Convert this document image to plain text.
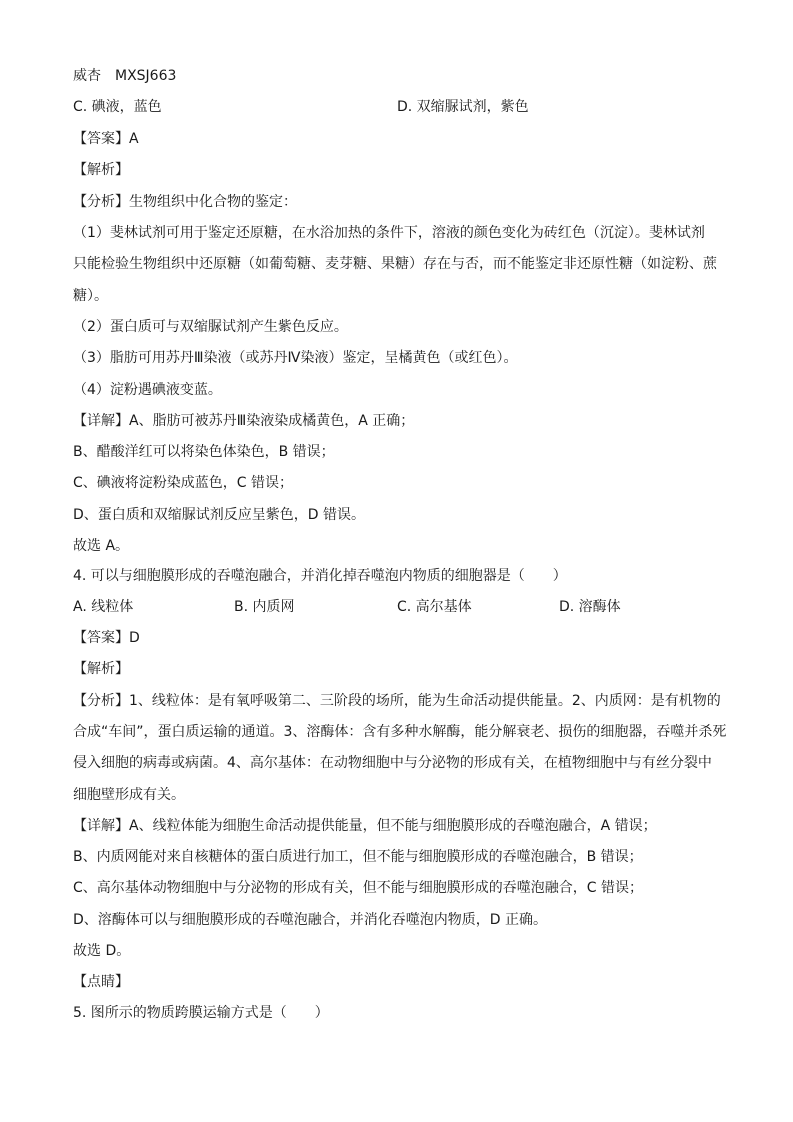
威杏　MXSJ663
C. 碘液，蓝色	D. 双缩脲试剂，紫色
【答案】A
【解析】
【分析】生物组织中化合物的鉴定：
（1）斐林试剂可用于鉴定还原糖，在水浴加热的条件下，溶液的颜色变化为砖红色（沉淀）。斐林试剂
只能检验生物组织中还原糖（如葡萄糖、麦芽糖、果糖）存在与否，而不能鉴定非还原性糖（如淀粉、蔗
糖）。
（2）蛋白质可与双缩脲试剂产生紫色反应。
（3）脂肪可用苏丹Ⅲ染液（或苏丹Ⅳ染液）鉴定，呈橘黄色（或红色）。
（4）淀粉遇碘液变蓝。
【详解】A、脂肪可被苏丹Ⅲ染液染成橘黄色，A 正确；
B、醋酸洋红可以将染色体染色，B 错误；
C、碘液将淀粉染成蓝色，C 错误；
D、蛋白质和双缩脲试剂反应呈紫色，D 错误。
故选 A。
4. 可以与细胞膜形成的吞噬泡融合，并消化掉吞噬泡内物质的细胞器是（　　）
A. 线粒体	B. 内质网	C. 高尔基体	D. 溶酶体
【答案】D
【解析】
【分析】1、线粒体：是有氧呼吸第二、三阶段的场所，能为生命活动提供能量。2、内质网：是有机物的
合成“车间”，蛋白质运输的通道。3、溶酶体：含有多种水解酶，能分解衰老、损伤的细胞器，吞噬并杀死
侵入细胞的病毒或病菌。4、高尔基体：在动物细胞中与分泌物的形成有关，在植物细胞中与有丝分裂中
细胞壁形成有关。
【详解】A、线粒体能为细胞生命活动提供能量，但不能与细胞膜形成的吞噬泡融合，A 错误；
B、内质网能对来自核糖体的蛋白质进行加工，但不能与细胞膜形成的吞噬泡融合，B 错误；
C、高尔基体动物细胞中与分泌物的形成有关，但不能与细胞膜形成的吞噬泡融合，C 错误；
D、溶酶体可以与细胞膜形成的吞噬泡融合，并消化吞噬泡内物质，D 正确。
故选 D。
【点睛】
5. 图所示的物质跨膜运输方式是（　　）
